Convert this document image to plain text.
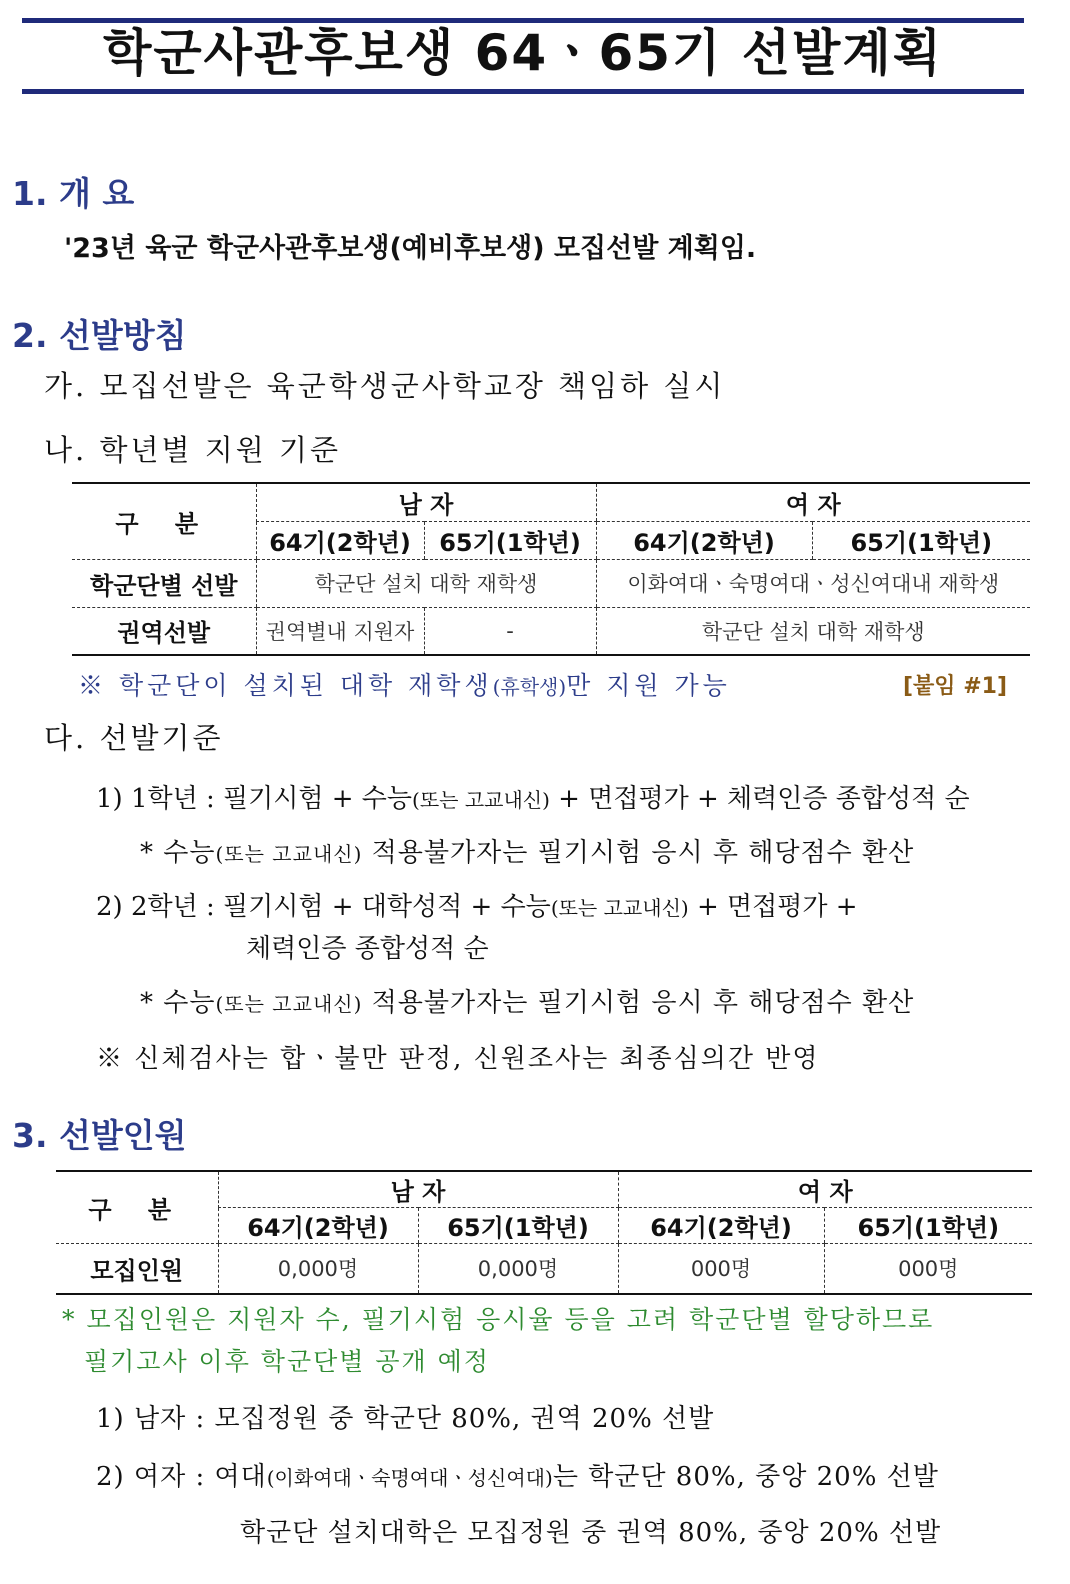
학군사관후보생 64ㆍ65기 선발계획
1. 개 요
'23년 육군 학군사관후보생(예비후보생) 모집선발 계획임.
2. 선발방침
가. 모집선발은 육군학생군사학교장 책임하 실시
나. 학년별 지원 기준
구 분	남 자		여 자	
	64기(2학년)	65기(1학년)	64기(2학년)	65기(1학년)
학군단별 선발	학군단 설치 대학 재학생		이화여대ㆍ숙명여대ㆍ성신여대내 재학생	
권역선발	권역별내 지원자	-	학군단 설치 대학 재학생	
※ 학군단이 설치된 대학 재학생(휴학생)만 지원 가능	[붙임 #1]
다. 선발기준
1) 1학년 : 필기시험 + 수능(또는 고교내신) + 면접평가 + 체력인증 종합성적 순
* 수능(또는 고교내신) 적용불가자는 필기시험 응시 후 해당점수 환산
2) 2학년 : 필기시험 + 대학성적 + 수능(또는 고교내신) + 면접평가 +
체력인증 종합성적 순
* 수능(또는 고교내신) 적용불가자는 필기시험 응시 후 해당점수 환산
※ 신체검사는 합ㆍ불만 판정, 신원조사는 최종심의간 반영
3. 선발인원
구 분	남 자		여 자	
	64기(2학년)	65기(1학년)	64기(2학년)	65기(1학년)
모집인원	0,000명	0,000명	000명	000명
* 모집인원은 지원자 수, 필기시험 응시율 등을 고려 학군단별 할당하므로
필기고사 이후 학군단별 공개 예정
1) 남자 : 모집정원 중 학군단 80%, 권역 20% 선발
2) 여자 : 여대(이화여대ㆍ숙명여대ㆍ성신여대)는 학군단 80%, 중앙 20% 선발
학군단 설치대학은 모집정원 중 권역 80%, 중앙 20% 선발
